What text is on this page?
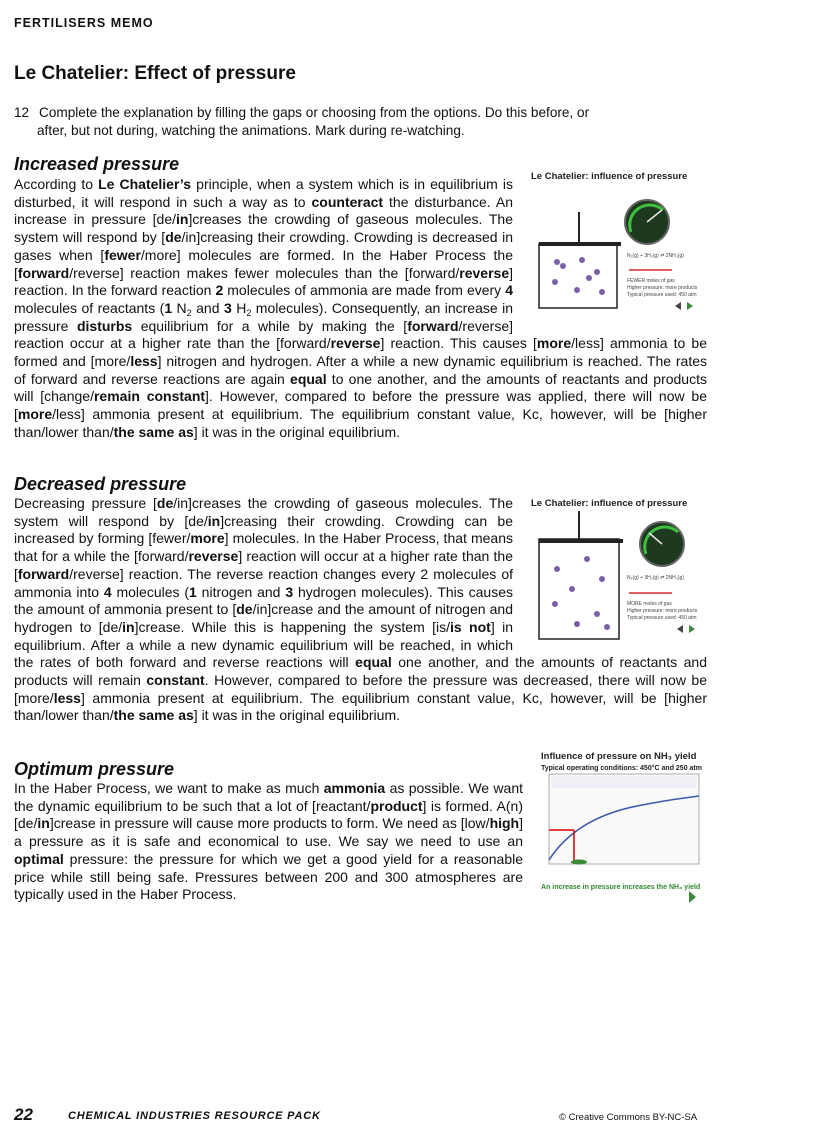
FERTILISERS MEMO
Le Chatelier: Effect of pressure
12 Complete the explanation by filling the gaps or choosing from the options. Do this before, or
after, but not during, watching the animations. Mark during re-watching.
Increased pressure
Le Chatelier: influence of pressure
N₂(g) + 3H₂(g) ⇌ 2NH₃(g)
FEWER moles of gas
Higher pressure: more products
Typical pressure used: 450 atm

According to Le Chatelier’s principle, when a system which is in equilibrium is disturbed, it will respond in such a way as to counteract the disturbance. An increase in pressure [de/in]creases the crowding of gaseous molecules. The system will respond by [de/in]creasing their crowding. Crowding is decreased in gases when [fewer/more] molecules are formed. In the Haber Process the [forward/reverse] reaction makes fewer molecules than the [forward/reverse] reaction. In the forward reaction 2 molecules of ammonia are made from every 4 molecules of reactants (1 $N_2$ and 3 $H_2$ molecules). Consequently, an increase in pressure disturbs equilibrium for a while by making the [forward/reverse] reaction occur at a higher rate than the [forward/reverse] reaction. This causes [more/less] ammonia to be formed and [more/less] nitrogen and hydrogen. After a while a new dynamic equilibrium is reached. The rates of forward and reverse reactions are again equal to one another, and the amounts of reactants and products will [change/remain constant]. However, compared to before the pressure was applied, there will now be [more/less] ammonia present at equilibrium. The equilibrium constant value, Kc, however, will be [higher than/lower than/the same as] it was in the original equilibrium.

Decreased pressure
Le Chatelier: influence of pressure
N₂(g) + 3H₂(g) ⇌ 2NH₃(g)
MORE moles of gas
Higher pressure: more products
Typical pressure used: 450 atm

Decreasing pressure [de/in]creases the crowding of gaseous molecules. The system will respond by [de/in]creasing their crowding. Crowding can be increased by forming [fewer/more] molecules. In the Haber Process, that means that for a while the [forward/reverse] reaction will occur at a higher rate than the [forward/reverse] reaction. The reverse reaction changes every 2 molecules of ammonia into 4 molecules (1 nitrogen and 3 hydrogen molecules). This causes the amount of ammonia present to [de/in]crease and the amount of nitrogen and hydrogen to [de/in]crease. While this is happening the system [is/is not] in equilibrium. After a while a new dynamic equilibrium will be reached, in which the rates of both forward and reverse reactions will equal one another, and the amounts of reactants and products will remain constant. However, compared to before the pressure was decreased, there will now be [more/less] ammonia present at equilibrium. The equilibrium constant value, Kc, however, will be [higher than/lower than/the same as] it was in the original equilibrium.

Optimum pressure
Influence of pressure on NH₃ yield
Typical operating conditions: 450°C and 250 atm
An increase in pressure increases the NH₃ yield

In the Haber Process, we want to make as much ammonia as possible. We want the dynamic equilibrium to be such that a lot of [reactant/product] is formed. A(n) [de/in]crease in pressure will cause more products to form. We need as [low/high] a pressure as it is safe and economical to use. We say we need to use an optimal pressure: the pressure for which we get a good yield for a reasonable price while still being safe. Pressures between 200 and 300 atmospheres are typically used in the Haber Process.

22	CHEMICAL INDUSTRIES RESOURCE PACK	© Creative Commons BY-NC-SA
